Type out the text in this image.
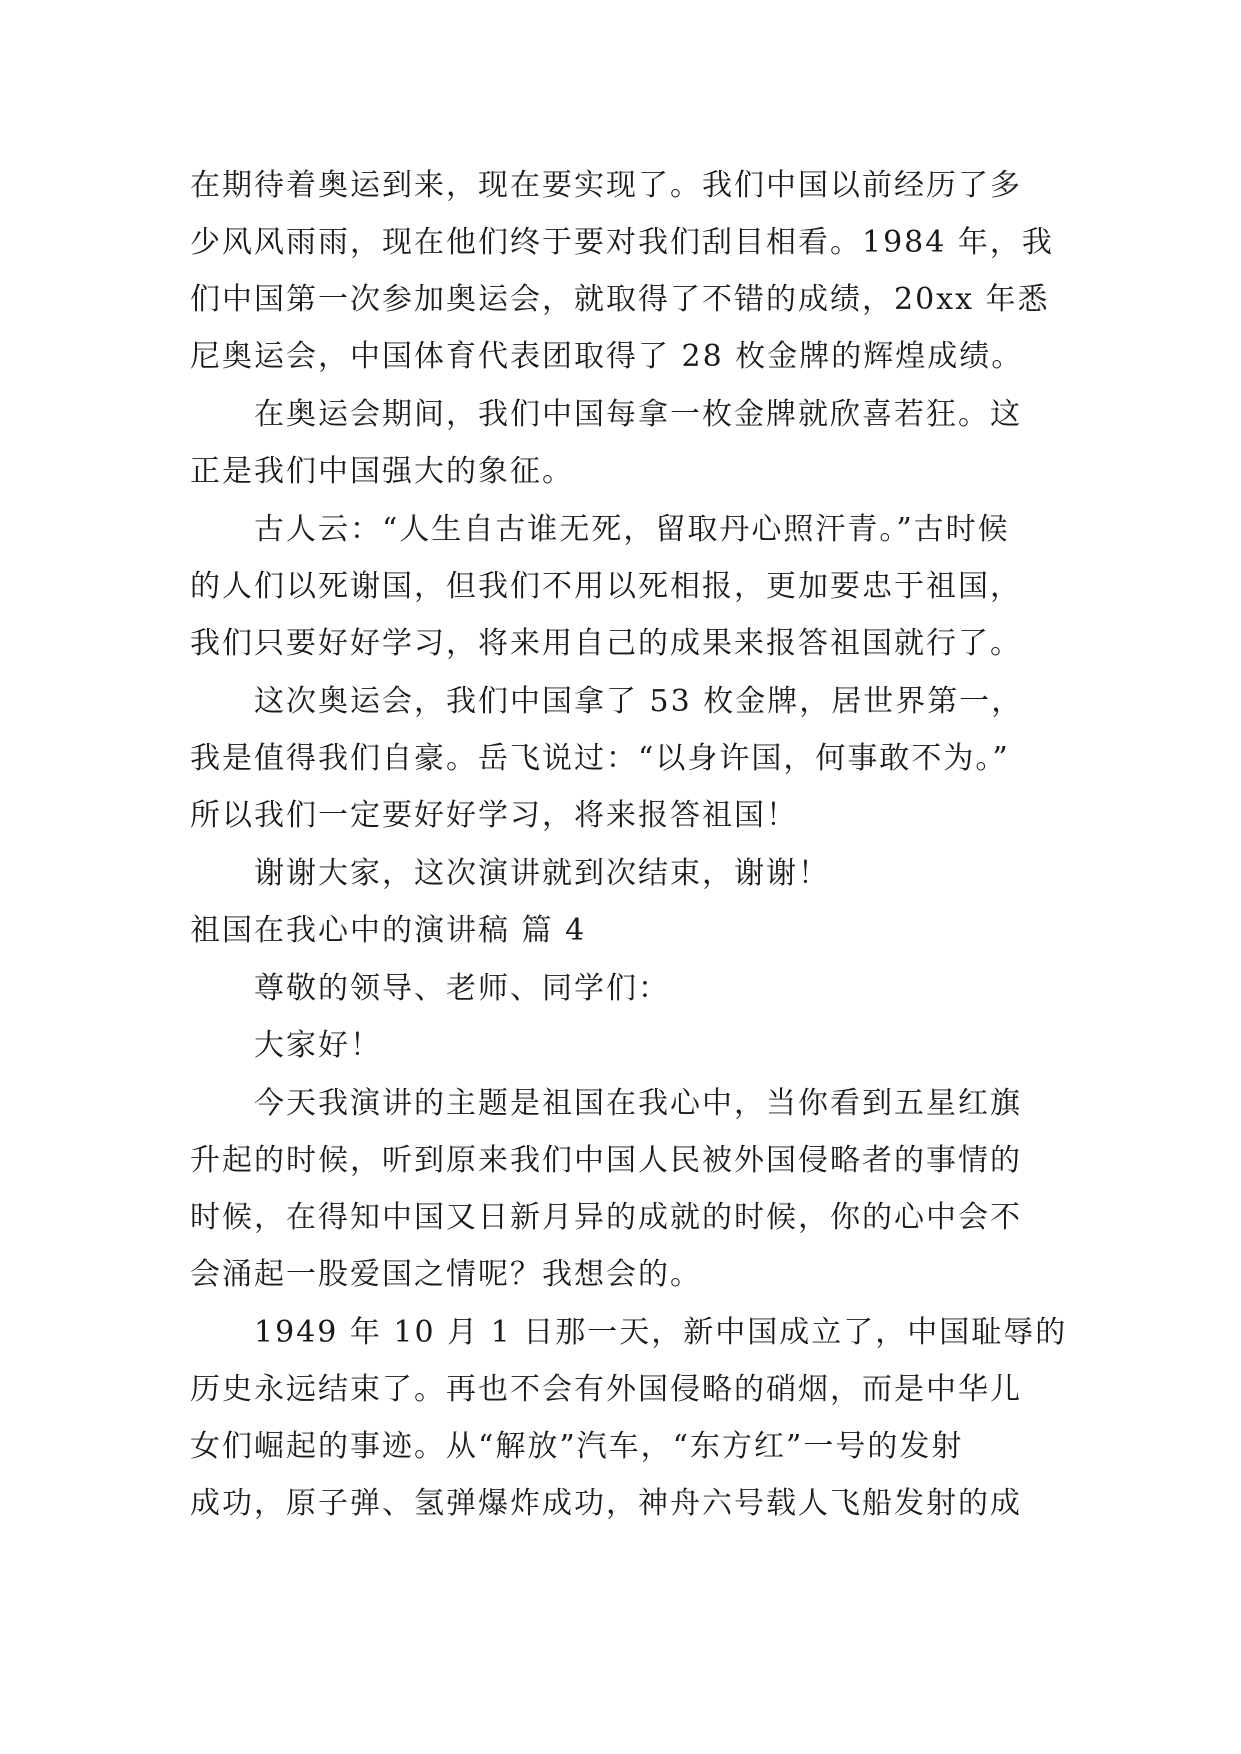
在期待着奥运到来，现在要实现了。我们中国以前经历了多
少风风雨雨，现在他们终于要对我们刮目相看。1984 年，我
们中国第一次参加奥运会，就取得了不错的成绩，20xx 年悉
尼奥运会，中国体育代表团取得了 28 枚金牌的辉煌成绩。
在奥运会期间，我们中国每拿一枚金牌就欣喜若狂。这
正是我们中国强大的象征。
古人云：“人生自古谁无死，留取丹心照汗青。”古时候
的人们以死谢国，但我们不用以死相报，更加要忠于祖国，
我们只要好好学习，将来用自己的成果来报答祖国就行了。
这次奥运会，我们中国拿了 53 枚金牌，居世界第一，
我是值得我们自豪。岳飞说过：“以身许国，何事敢不为。”
所以我们一定要好好学习，将来报答祖国！
谢谢大家，这次演讲就到次结束，谢谢！
祖国在我心中的演讲稿 篇 4
尊敬的领导、老师、同学们：
大家好！
今天我演讲的主题是祖国在我心中，当你看到五星红旗
升起的时候，听到原来我们中国人民被外国侵略者的事情的
时候，在得知中国又日新月异的成就的时候，你的心中会不
会涌起一股爱国之情呢？我想会的。
1949 年 10 月 1 日那一天，新中国成立了，中国耻辱的
历史永远结束了。再也不会有外国侵略的硝烟，而是中华儿
女们崛起的事迹。从“解放”汽车，“东方红”一号的发射
成功，原子弹、氢弹爆炸成功，神舟六号载人飞船发射的成
